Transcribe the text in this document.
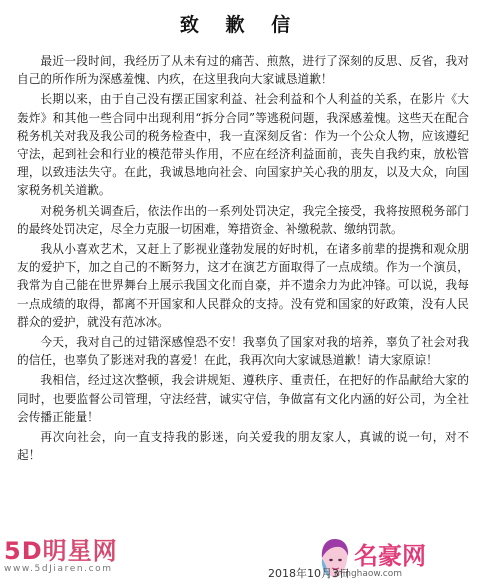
致 歉 信

最近一段时间，我经历了从未有过的痛苦、煎熬，进行了深刻的反思、反省，我对自己的所作所为深感羞愧、内疚，在这里我向大家诚恳道歉！

长期以来，由于自己没有摆正国家利益、社会利益和个人利益的关系，在影片《大轰炸》和其他一些合同中出现利用“拆分合同”等逃税问题，我深感羞愧。这些天在配合税务机关对我及我公司的税务检查中，我一直深刻反省：作为一个公众人物，应该遵纪守法，起到社会和行业的模范带头作用，不应在经济利益面前，丧失自我约束，放松管理，以致违法失守。在此，我诚恳地向社会、向国家护关心我的朋友，以及大众，向国家税务机关道歉。

对税务机关调查后，依法作出的一系列处罚决定，我完全接受，我将按照税务部门的最终处罚决定，尽全力克服一切困难，筹措资金、补缴税款、缴纳罚款。

我从小喜欢艺术，又赶上了影视业蓬勃发展的好时机，在诸多前辈的提携和观众朋友的爱护下，加之自己的不断努力，这才在演艺方面取得了一点成绩。作为一个演员，我常为自己能在世界舞台上展示我国文化而自豪，并不遗余力为此冲锋。可以说，我每一点成绩的取得，都离不开国家和人民群众的支持。没有党和国家的好政策，没有人民群众的爱护，就没有范冰冰。

今天，我对自己的过错深感惶恐不安！我辜负了国家对我的培养，辜负了社会对我的信任，也辜负了影迷对我的喜爱！在此，我再次向大家诚恳道歉！请大家原谅！

我相信，经过这次整顿，我会讲规矩、遵秩序、重责任，在把好的作品献给大家的同时，也要监督公司管理，守法经营，诚实守信，争做富有文化内涵的好公司，为全社会传播正能量！

再次向社会，向一直支持我的影迷，向关爱我的朋友家人，真诚的说一句，对不起！

5D明星网
www.5dJiaren.com	名豪网
minghaow.com
2018年10月3日
